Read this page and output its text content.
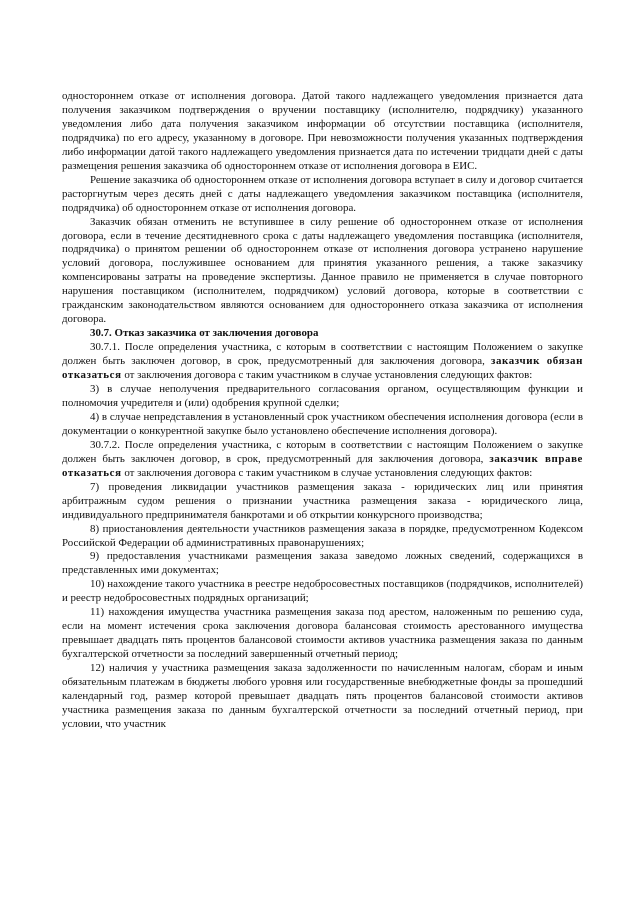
одностороннем отказе от исполнения договора. Датой такого надлежащего уведомления признается дата получения заказчиком подтверждения о вручении поставщику (исполнителю, подрядчику) указанного уведомления либо дата получения заказчиком информации об отсутствии поставщика (исполнителя, подрядчика) по его адресу, указанному в договоре. При невозможности получения указанных подтверждения либо информации датой такого надлежащего уведомления признается дата по истечении тридцати дней с даты размещения решения заказчика об одностороннем отказе от исполнения договора в ЕИС.

Решение заказчика об одностороннем отказе от исполнения договора вступает в силу и договор считается расторгнутым через десять дней с даты надлежащего уведомления заказчиком поставщика (исполнителя, подрядчика) об одностороннем отказе от исполнения договора.

Заказчик обязан отменить не вступившее в силу решение об одностороннем отказе от исполнения договора, если в течение десятидневного срока с даты надлежащего уведомления поставщика (исполнителя, подрядчика) о принятом решении об одностороннем отказе от исполнения договора устранено нарушение условий договора, послужившее основанием для принятия указанного решения, а также заказчику компенсированы затраты на проведение экспертизы. Данное правило не применяется в случае повторного нарушения поставщиком (исполнителем, подрядчиком) условий договора, которые в соответствии с гражданским законодательством являются основанием для одностороннего отказа заказчика от исполнения договора.

30.7. Отказ заказчика от заключения договора

30.7.1. После определения участника, с которым в соответствии с настоящим Положением о закупке должен быть заключен договор, в срок, предусмотренный для заключения договора, заказчик обязан отказаться от заключения договора с таким участником в случае установления следующих фактов:

3) в случае неполучения предварительного согласования органом, осуществляющим функции и полномочия учредителя и (или) одобрения крупной сделки;

4) в случае непредставления в установленный срок участником обеспечения исполнения договора (если в документации о конкурентной закупке было установлено обеспечение исполнения договора).

30.7.2. После определения участника, с которым в соответствии с настоящим Положением о закупке должен быть заключен договор, в срок, предусмотренный для заключения договора, заказчик вправе отказаться от заключения договора с таким участником в случае установления следующих фактов:

7) проведения ликвидации участников размещения заказа - юридических лиц или принятия арбитражным судом решения о признании участника размещения заказа - юридического лица, индивидуального предпринимателя банкротами и об открытии конкурсного производства;

8) приостановления деятельности участников размещения заказа в порядке, предусмотренном Кодексом Российской Федерации об административных правонарушениях;

9) предоставления участниками размещения заказа заведомо ложных сведений, содержащихся в представленных ими документах;

10) нахождение такого участника в реестре недобросовестных поставщиков (подрядчиков, исполнителей) и реестр недобросовестных подрядных организаций;

11) нахождения имущества участника размещения заказа под арестом, наложенным по решению суда, если на момент истечения срока заключения договора балансовая стоимость арестованного имущества превышает двадцать пять процентов балансовой стоимости активов участника размещения заказа по данным бухгалтерской отчетности за последний завершенный отчетный период;

12) наличия у участника размещения заказа задолженности по начисленным налогам, сборам и иным обязательным платежам в бюджеты любого уровня или государственные внебюджетные фонды за прошедший календарный год, размер которой превышает двадцать пять процентов балансовой стоимости активов участника размещения заказа по данным бухгалтерской отчетности за последний отчетный период, при условии, что участник
